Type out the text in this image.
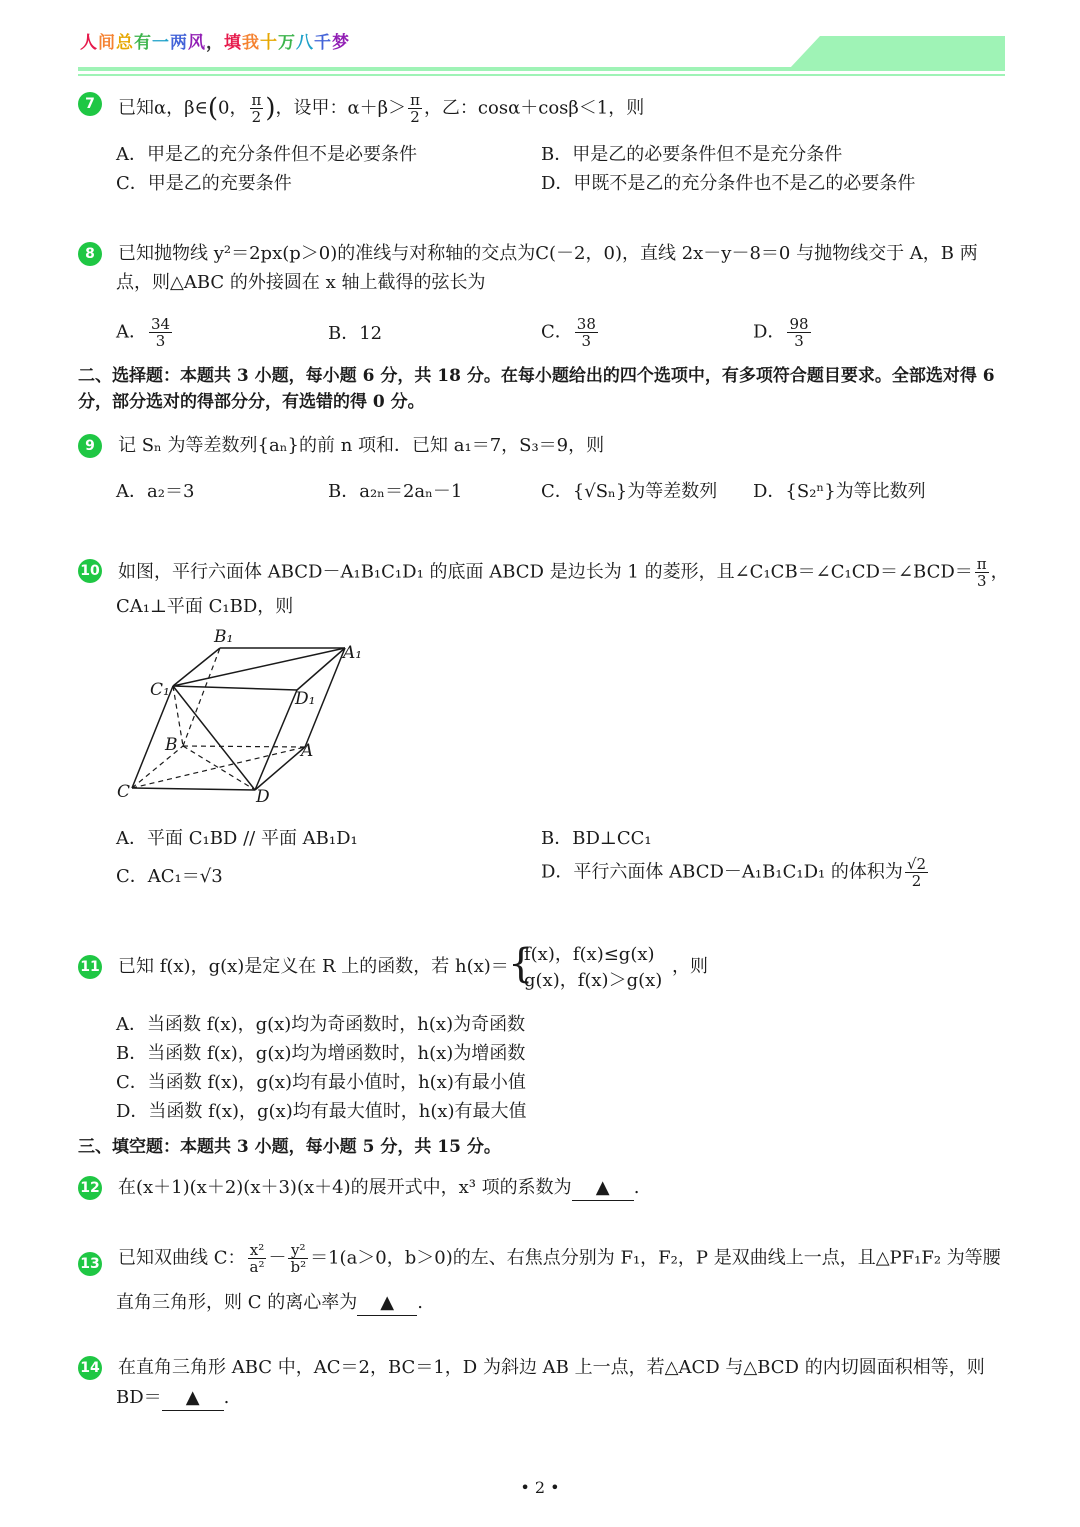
人间总有一两风，填我十万八千梦
7	已知α，β∈(0， $\frac{\pi}{2}$ )，设甲：$\alpha+\beta> \frac{\pi}{2}$ ，乙：cosα＋cosβ＜1，则
A．甲是乙的充分条件但不是必要条件	B．甲是乙的必要条件但不是充分条件
C．甲是乙的充要条件	D．甲既不是乙的充分条件也不是乙的必要条件
8	已知抛物线 y²＝2px(p＞0)的准线与对称轴的交点为C(－2，0)，直线 2x－y－8＝0 与抛物线交于 A，B 两
点，则△ABC 的外接圆在 x 轴上截得的弦长为
A． $\frac{34}{3}$	B．12	C． $\frac{38}{3}$	D． $\frac{98}{3}$
二、选择题：本题共 3 小题，每小题 6 分，共 18 分。在每小题给出的四个选项中，有多项符合题目要求。全部选对得 6 分，部分选对的得部分分，有选错的得 0 分。
9	记 Sₙ 为等差数列{aₙ}的前 n 项和．已知 a₁＝7，S₃＝9，则
A．a₂＝3	B．a₂ₙ＝2aₙ－1	C．{√Sₙ}为等差数列 D．{S₂ⁿ}为等比数列
10 如图，平行六面体 ABCD－A₁B₁C₁D₁ 的底面 ABCD 是边长为 1 的菱形，且∠C₁CB＝∠C₁CD＝∠BCD＝ $\frac{\pi}{3}$ ，
CA₁⊥平面 C₁BD，则
B₁
A₁
C₁	D₁
B	A
C	D
A．平面 C₁BD // 平面 AB₁D₁	B．BD⊥CC₁
C．AC₁＝√3	D．平行六面体 ABCD－A₁B₁C₁D₁ 的体积为 $\frac{√2}{2}$
11 已知 f(x)，g(x)是定义在 R 上的函数，若 h(x)＝ {
f(x)，f(x)≤g(x)
g(x)，f(x)＞g(x)
，则
A．当函数 f(x)，g(x)均为奇函数时，h(x)为奇函数
B．当函数 f(x)，g(x)均为增函数时，h(x)为增函数
C．当函数 f(x)，g(x)均有最小值时，h(x)有最小值
D．当函数 f(x)，g(x)均有最大值时，h(x)有最大值
三、填空题：本题共 3 小题，每小题 5 分，共 15 分。
12 在(x＋1)(x＋2)(x＋3)(x＋4)的展开式中，x³ 项的系数为 ▲ .
13 已知双曲线 C： $\frac{\text{x²}}{\text{a²}} - \frac{\text{y²}}{\text{b²}} =1(a>0$，b＞0)的左、右焦点分别为 F₁，F₂，P 是双曲线上一点，且△PF₁F₂ 为等腰
直角三角形，则 C 的离心率为 ▲ .
14 在直角三角形 ABC 中，AC＝2，BC＝1，D 为斜边 AB 上一点，若△ACD 与△BCD 的内切圆面积相等，则
BD＝ ▲ .
• 2 •
